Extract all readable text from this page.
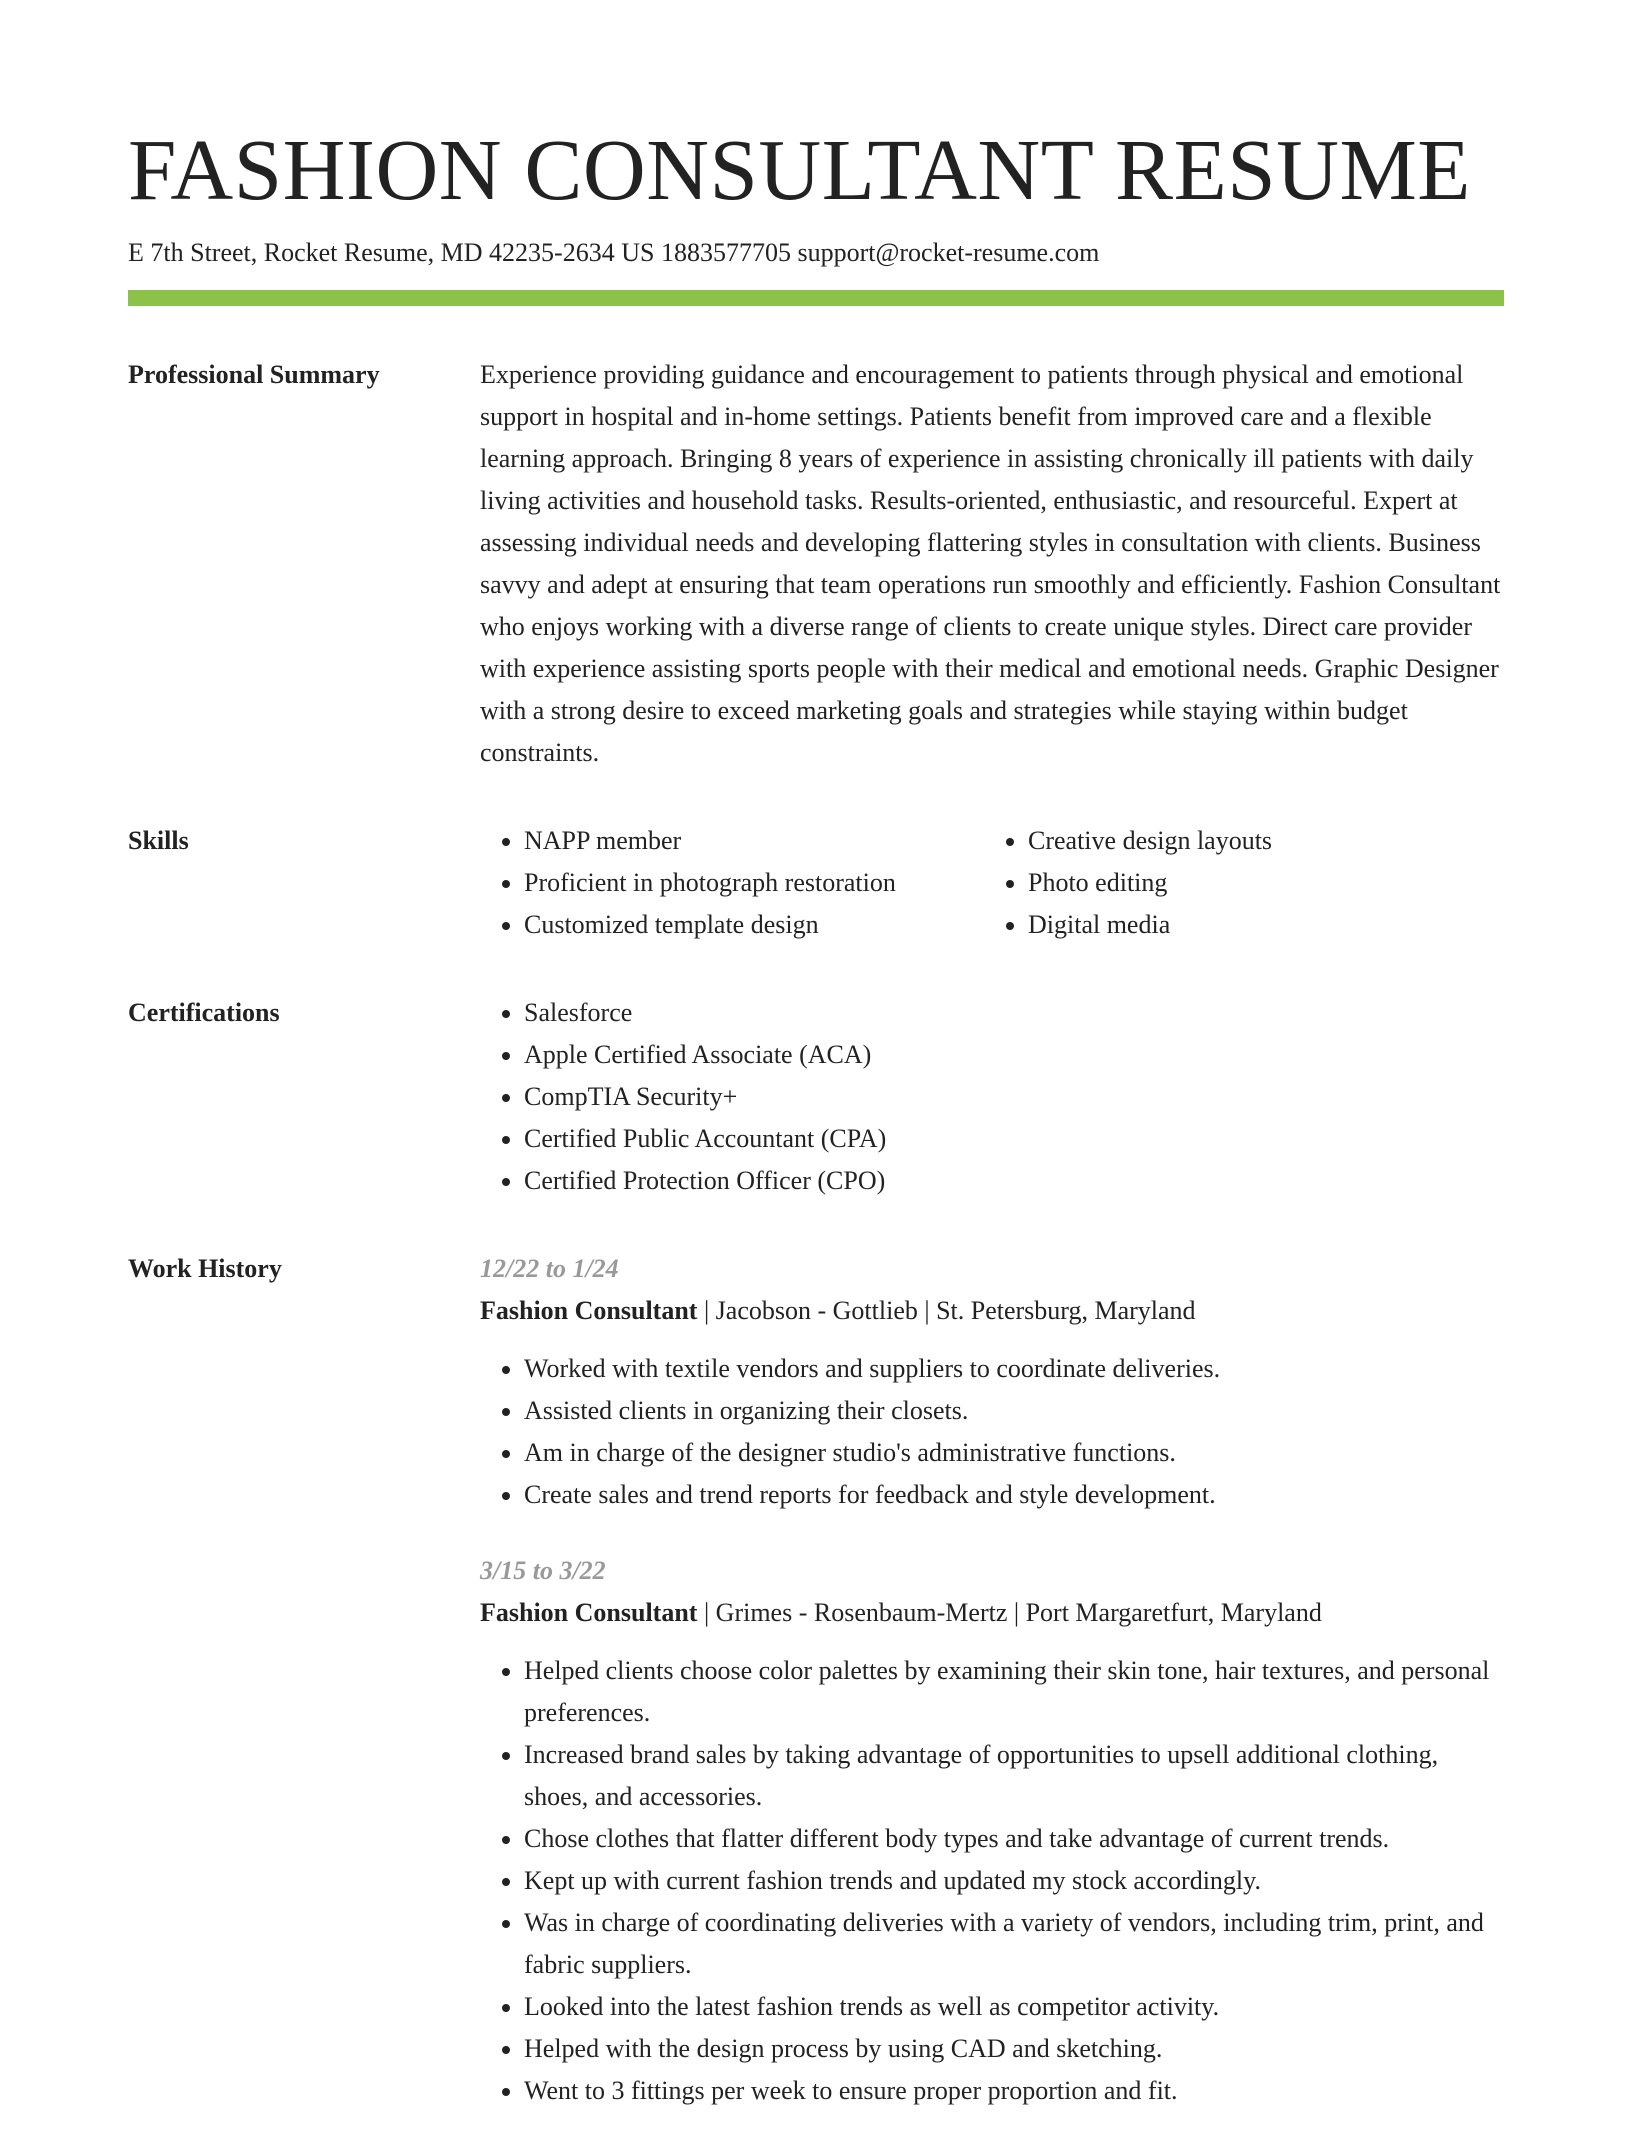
FASHION CONSULTANT RESUME
E 7th Street, Rocket Resume, MD 42235-2634 US 1883577705 support@rocket-resume.com
Professional Summary	Experience providing guidance and encouragement to patients through physical and emotional support in hospital and in-home settings. Patients benefit from improved care and a flexible learning approach. Bringing 8 years of experience in assisting chronically ill patients with daily living activities and household tasks. Results-oriented, enthusiastic, and resourceful. Expert at assessing individual needs and developing flattering styles in consultation with clients. Business savvy and adept at ensuring that team operations run smoothly and efficiently. Fashion Consultant who enjoys working with a diverse range of clients to create unique styles. Direct care provider with experience assisting sports people with their medical and emotional needs. Graphic Designer with a strong desire to exceed marketing goals and strategies while staying within budget constraints.

Skills	• NAPP member
• Proficient in photograph restoration
• Customized template design
• Creative design layouts
• Photo editing
• Digital media
Certifications	• Salesforce
• Apple Certified Associate (ACA)
• CompTIA Security+
• Certified Public Accountant (CPA)
• Certified Protection Officer (CPO)
Work History	12/22 to 1/24
Fashion Consultant | Jacobson - Gottlieb | St. Petersburg, Maryland
• Worked with textile vendors and suppliers to coordinate deliveries.
• Assisted clients in organizing their closets.
• Am in charge of the designer studio's administrative functions.
• Create sales and trend reports for feedback and style development.
3/15 to 3/22
Fashion Consultant | Grimes - Rosenbaum-Mertz | Port Margaretfurt, Maryland
• Helped clients choose color palettes by examining their skin tone, hair textures, and personal preferences.
• Increased brand sales by taking advantage of opportunities to upsell additional clothing, shoes, and accessories.
• Chose clothes that flatter different body types and take advantage of current trends.
• Kept up with current fashion trends and updated my stock accordingly.
• Was in charge of coordinating deliveries with a variety of vendors, including trim, print, and fabric suppliers.
• Looked into the latest fashion trends as well as competitor activity.
• Helped with the design process by using CAD and sketching.
• Went to 3 fittings per week to ensure proper proportion and fit.
